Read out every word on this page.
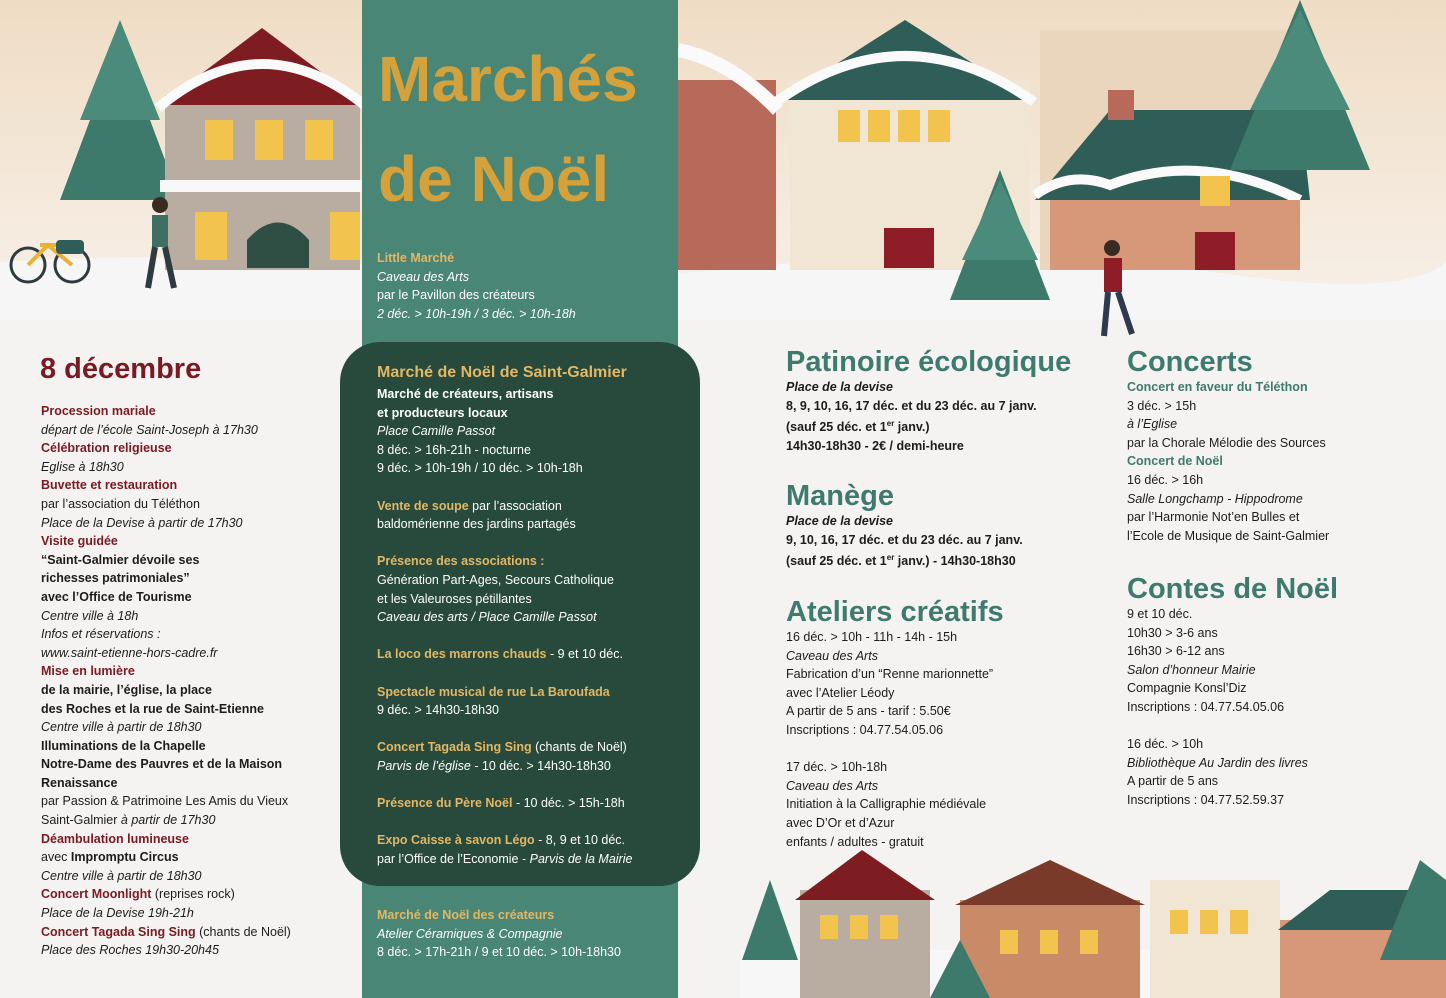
Marchés
de Noël
Little Marché
Caveau des Arts
par le Pavillon des créateurs
2 déc. > 10h-19h / 3 déc. > 10h-18h
8 décembre
Procession mariale
départ de l’école Saint-Joseph à 17h30
Célébration religieuse
Eglise à 18h30
Buvette et restauration
par l’association du Téléthon
Place de la Devise à partir de 17h30
Visite guidée
“Saint-Galmier dévoile ses
richesses patrimoniales”
avec l’Office de Tourisme
Centre ville à 18h
Infos et réservations :
www.saint-etienne-hors-cadre.fr
Mise en lumière
de la mairie, l’église, la place
des Roches et la rue de Saint-Etienne
Centre ville à partir de 18h30
Illuminations de la Chapelle
Notre-Dame des Pauvres et de la Maison
Renaissance
par Passion & Patrimoine Les Amis du Vieux
Saint-Galmier à partir de 17h30
Déambulation lumineuse
avec Impromptu Circus
Centre ville à partir de 18h30
Concert Moonlight (reprises rock)
Place de la Devise 19h-21h
Concert Tagada Sing Sing (chants de Noël)
Place des Roches 19h30-20h45
Marché de Noël de Saint-Galmier
Marché de créateurs, artisans
et producteurs locaux
Place Camille Passot
8 déc. > 16h-21h - nocturne
9 déc. > 10h-19h / 10 déc. > 10h-18h
Vente de soupe par l’association
baldomérienne des jardins partagés
Présence des associations :
Génération Part-Ages, Secours Catholique
et les Valeuroses pétillantes
Caveau des arts / Place Camille Passot
La loco des marrons chauds - 9 et 10 déc.
Spectacle musical de rue La Baroufada
9 déc. > 14h30-18h30
Concert Tagada Sing Sing (chants de Noël)
Parvis de l’église - 10 déc. > 14h30-18h30
Présence du Père Noël - 10 déc. > 15h-18h
Expo Caisse à savon Légo - 8, 9 et 10 déc.
par l’Office de l’Economie - Parvis de la Mairie
Marché de Noël des créateurs
Atelier Céramiques & Compagnie
8 déc. > 17h-21h / 9 et 10 déc. > 10h-18h30
Patinoire écologique
Place de la devise
8, 9, 10, 16, 17 déc. et du 23 déc. au 7 janv.
(sauf 25 déc. et 1er janv.)
14h30-18h30 - 2€ / demi-heure
Manège
Place de la devise
9, 10, 16, 17 déc. et du 23 déc. au 7 janv.
(sauf 25 déc. et 1er janv.) - 14h30-18h30
Ateliers créatifs
16 déc. > 10h - 11h - 14h - 15h
Caveau des Arts
Fabrication d’un “Renne marionnette”
avec l’Atelier Léody
A partir de 5 ans - tarif : 5.50€
Inscriptions : 04.77.54.05.06
17 déc. > 10h-18h
Caveau des Arts
Initiation à la Calligraphie médiévale
avec D’Or et d’Azur
enfants / adultes - gratuit
Concerts
Concert en faveur du Téléthon
3 déc. > 15h
à l’Eglise
par la Chorale Mélodie des Sources
Concert de Noël
16 déc. > 16h
Salle Longchamp - Hippodrome
par l’Harmonie Not’en Bulles et
l’Ecole de Musique de Saint-Galmier
Contes de Noël
9 et 10 déc.
10h30 > 3-6 ans
16h30 > 6-12 ans
Salon d’honneur Mairie
Compagnie Konsl’Diz
Inscriptions : 04.77.54.05.06
16 déc. > 10h
Bibliothèque Au Jardin des livres
A partir de 5 ans
Inscriptions : 04.77.52.59.37
